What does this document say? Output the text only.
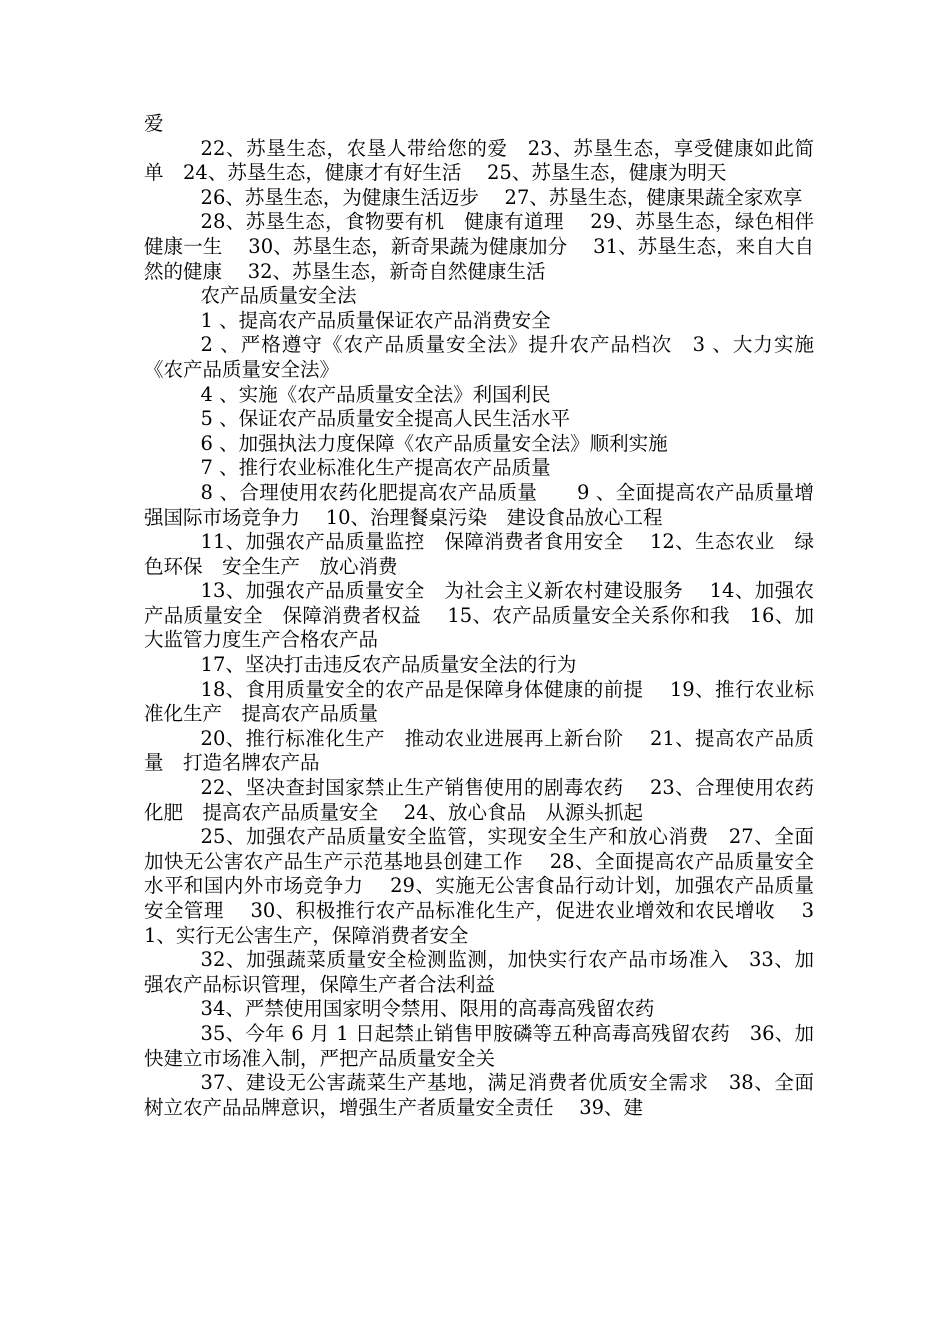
爱

22、苏垦生态，农垦人带给您的爱　23、苏垦生态，享受健康如此简单　24、苏垦生态，健康才有好生活　 25、苏垦生态，健康为明天

26、苏垦生态，为健康生活迈步　 27、苏垦生态，健康果蔬全家欢享

28、苏垦生态，食物要有机　健康有道理　 29、苏垦生态，绿色相伴　健康一生　 30、苏垦生态，新奇果蔬为健康加分　 31、苏垦生态，来自大自然的健康　 32、苏垦生态，新奇自然健康生活

农产品质量安全法

1 、提高农产品质量保证农产品消费安全

2 、严格遵守《农产品质量安全法》提升农产品档次　3 、大力实施《农产品质量安全法》

4 、实施《农产品质量安全法》利国利民

5 、保证农产品质量安全提高人民生活水平

6 、加强执法力度保障《农产品质量安全法》顺利实施

7 、推行农业标准化生产提高农产品质量

8 、合理使用农药化肥提高农产品质量　　9 、全面提高农产品质量增强国际市场竞争力　 10、治理餐桌污染　建设食品放心工程

11、加强农产品质量监控　保障消费者食用安全　 12、生态农业　绿色环保　安全生产　放心消费

13、加强农产品质量安全　为社会主义新农村建设服务　 14、加强农产品质量安全　保障消费者权益　 15、农产品质量安全关系你和我　16、加大监管力度生产合格农产品

17、坚决打击违反农产品质量安全法的行为

18、食用质量安全的农产品是保障身体健康的前提　 19、推行农业标准化生产　提高农产品质量

20、推行标准化生产　推动农业进展再上新台阶　 21、提高农产品质量　打造名牌农产品

22、坚决查封国家禁止生产销售使用的剧毒农药　 23、合理使用农药化肥　提高农产品质量安全　 24、放心食品　从源头抓起

25、加强农产品质量安全监管，实现安全生产和放心消费　27、全面加快无公害农产品生产示范基地县创建工作　 28、全面提高农产品质量安全水平和国内外市场竞争力　 29、实施无公害食品行动计划，加强农产品质量安全管理　 30、积极推行农产品标准化生产，促进农业增效和农民增收　 31、实行无公害生产，保障消费者安全

32、加强蔬菜质量安全检测监测，加快实行农产品市场准入　33、加强农产品标识管理，保障生产者合法利益

34、严禁使用国家明令禁用、限用的高毒高残留农药

35、今年 6 月 1 日起禁止销售甲胺磷等五种高毒高残留农药　36、加快建立市场准入制，严把产品质量安全关

37、建设无公害蔬菜生产基地，满足消费者优质安全需求　38、全面树立农产品品牌意识，增强生产者质量安全责任　 39、建
